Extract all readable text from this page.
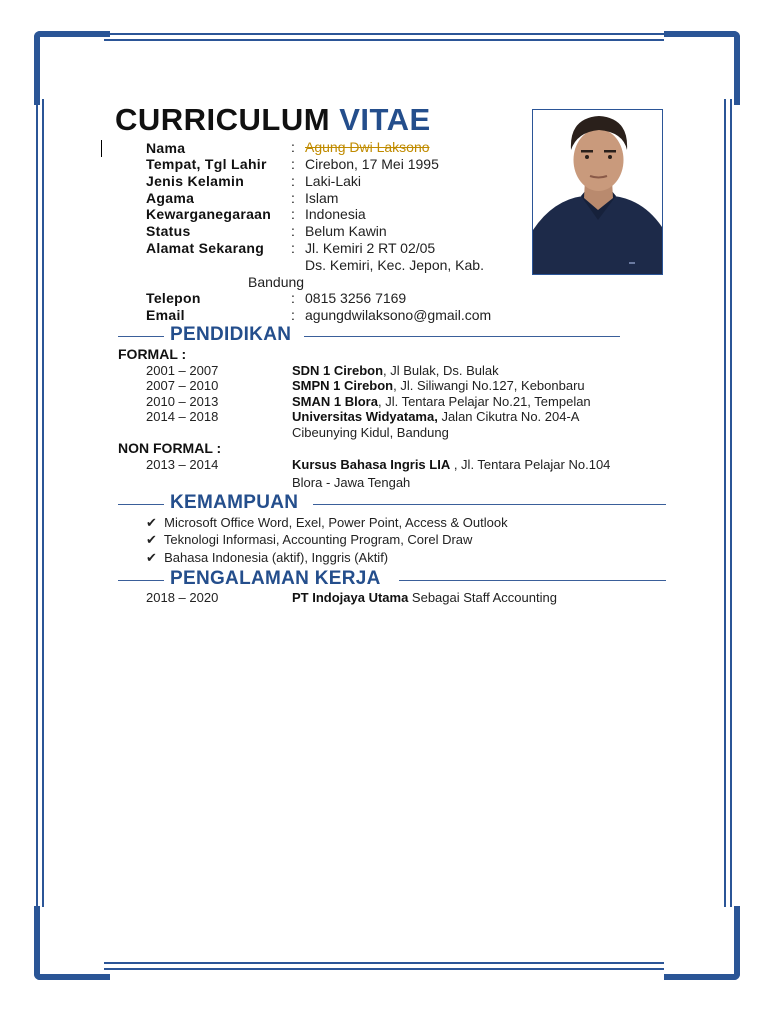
CURRICULUM VITAE
Nama	: Agung Dwi Laksono
Tempat, Tgl Lahir : Cirebon, 17 Mei 1995
Jenis Kelamin	: Laki-Laki
Agama	: Islam
Kewarganegaraan : Indonesia
Status	: Belum Kawin
Alamat Sekarang : Jl. Kemiri 2 RT 02/05
Ds. Kemiri, Kec. Jepon, Kab.
Bandung
Telepon	: 0815 3256 7169
Email	: agungdwilaksono@gmail.com
PENDIDIKAN
FORMAL :
2001 – 2007	SDN 1 Cirebon, Jl Bulak, Ds. Bulak
2007 – 2010	SMPN 1 Cirebon, Jl. Siliwangi No.127, Kebonbaru
2010 – 2013	SMAN 1 Blora, Jl. Tentara Pelajar No.21, Tempelan
2014 – 2018	Universitas Widyatama, Jalan Cikutra No. 204-A
Cibeunying Kidul, Bandung
NON FORMAL :
2013 – 2014	Kursus Bahasa Ingris LIA , Jl. Tentara Pelajar No.104
Blora - Jawa Tengah
KEMAMPUAN
✔ Microsoft Office Word, Exel, Power Point, Access & Outlook
✔ Teknologi Informasi, Accounting Program, Corel Draw
✔ Bahasa Indonesia (aktif), Inggris (Aktif)
PENGALAMAN KERJA
2018 – 2020	PT Indojaya Utama Sebagai Staff Accounting
